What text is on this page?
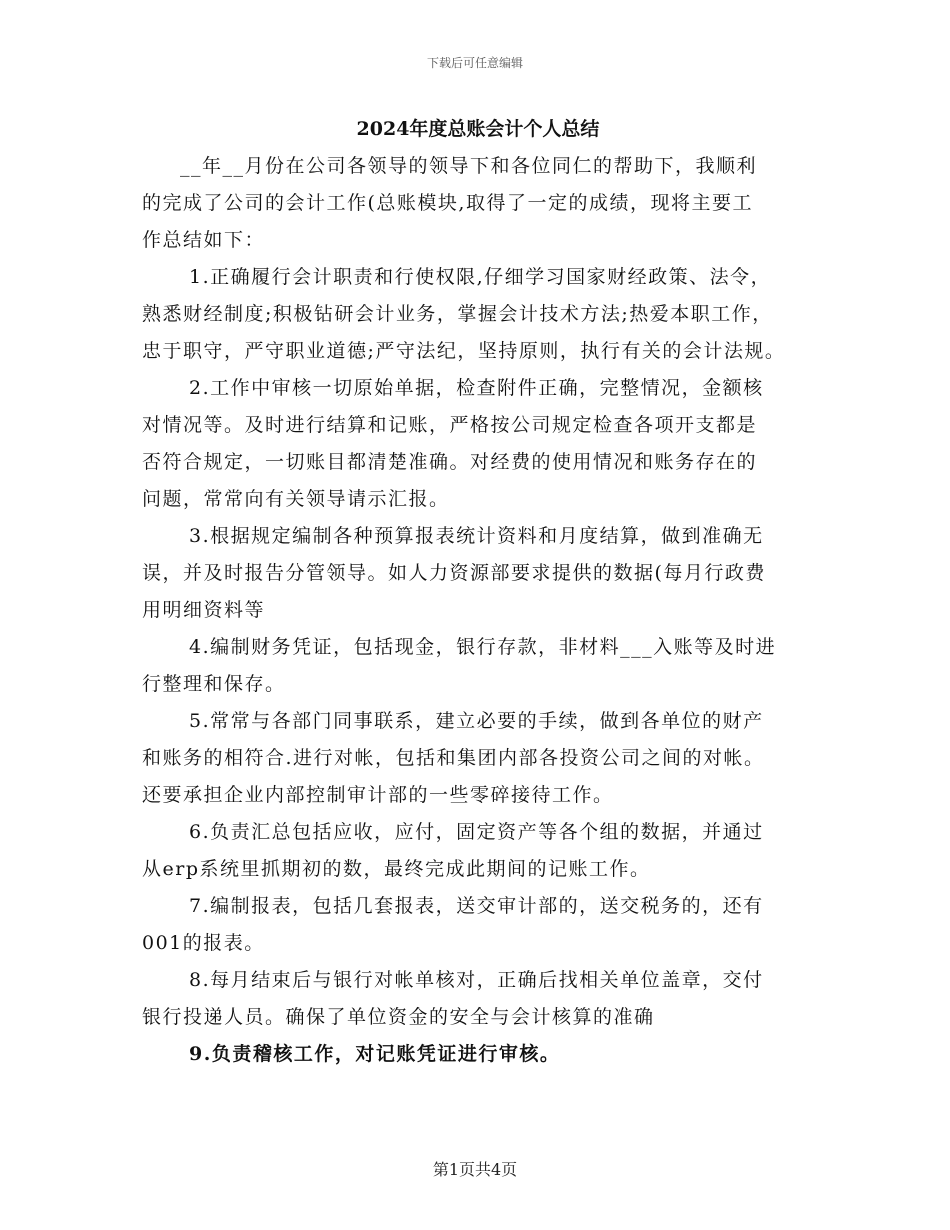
下载后可任意编辑
2024年度总账会计个人总结

__年__月份在公司各领导的领导下和各位同仁的帮助下，我顺利

的完成了公司的会计工作(总账模块,取得了一定的成绩，现将主要工

作总结如下：

1.正确履行会计职责和行使权限,仔细学习国家财经政策、法令，

熟悉财经制度;积极钻研会计业务，掌握会计技术方法;热爱本职工作，

忠于职守，严守职业道德;严守法纪，坚持原则，执行有关的会计法规。

2.工作中审核一切原始单据，检查附件正确，完整情况，金额核

对情况等。及时进行结算和记账，严格按公司规定检查各项开支都是

否符合规定，一切账目都清楚准确。对经费的使用情况和账务存在的

问题，常常向有关领导请示汇报。

3.根据规定编制各种预算报表统计资料和月度结算，做到准确无

误，并及时报告分管领导。如人力资源部要求提供的数据(每月行政费

用明细资料等

4.编制财务凭证，包括现金，银行存款，非材料___入账等及时进

行整理和保存。

5.常常与各部门同事联系，建立必要的手续，做到各单位的财产

和账务的相符合.进行对帐，包括和集团内部各投资公司之间的对帐。

还要承担企业内部控制审计部的一些零碎接待工作。

6.负责汇总包括应收，应付，固定资产等各个组的数据，并通过

从erp系统里抓期初的数，最终完成此期间的记账工作。

7.编制报表，包括几套报表，送交审计部的，送交税务的，还有

001的报表。

8.每月结束后与银行对帐单核对，正确后找相关单位盖章，交付

银行投递人员。确保了单位资金的安全与会计核算的准确

9.负责稽核工作，对记账凭证进行审核。

第1页共4页
